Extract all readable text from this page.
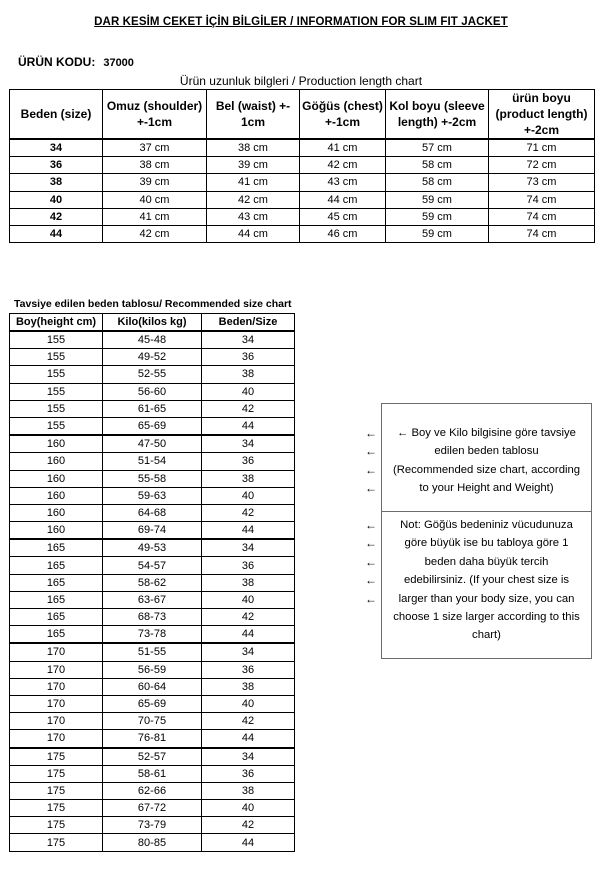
DAR KESİM CEKET İÇİN BİLGİLER / INFORMATION FOR SLIM FIT JACKET
ÜRÜN KODU: 37000
Ürün uzunluk bilgleri / Production length chart
Beden (size)	Omuz (shoulder) +-1cm	Bel (waist) +- 1cm	Göğüs (chest) +-1cm	Kol boyu (sleeve length) +-2cm	ürün boyu (product length) +-2cm
34	37 cm	38 cm	41 cm	57 cm	71 cm
36	38 cm	39 cm	42 cm	58 cm	72 cm
38	39 cm	41 cm	43 cm	58 cm	73 cm
40	40 cm	42 cm	44 cm	59 cm	74 cm
42	41 cm	43 cm	45 cm	59 cm	74 cm
44	42 cm	44 cm	46 cm	59 cm	74 cm
Tavsiye edilen beden tablosu/ Recommended size chart
Boy(height cm)	Kilo(kilos kg)	Beden/Size
155	45-48	34
155	49-52	36
155	52-55	38
155	56-60	40
155	61-65	42
155	65-69	44
160	47-50	34
160	51-54	36
160	55-58	38
160	59-63	40
160	64-68	42
160	69-74	44
165	49-53	34
165	54-57	36
165	58-62	38
165	63-67	40
165	68-73	42
165	73-78	44
170	51-55	34
170	56-59	36
170	60-64	38
170	65-69	40
170	70-75	42
170	76-81	44
175	52-57	34
175	58-61	36
175	62-66	38
175	67-72	40
175	73-79	42
175	80-85	44
←
←
←
←
←
←
←
←
←
← Boy ve Kilo bilgisine göre tavsiye
edilen beden tablosu
(Recommended size chart, according
to your Height and Weight)
Not: Göğüs bedeniniz vücudunuza
göre büyük ise bu tabloya göre 1
beden daha büyük tercih
edebilirsiniz. (If your chest size is
larger than your body size, you can
choose 1 size larger according to this
chart)
